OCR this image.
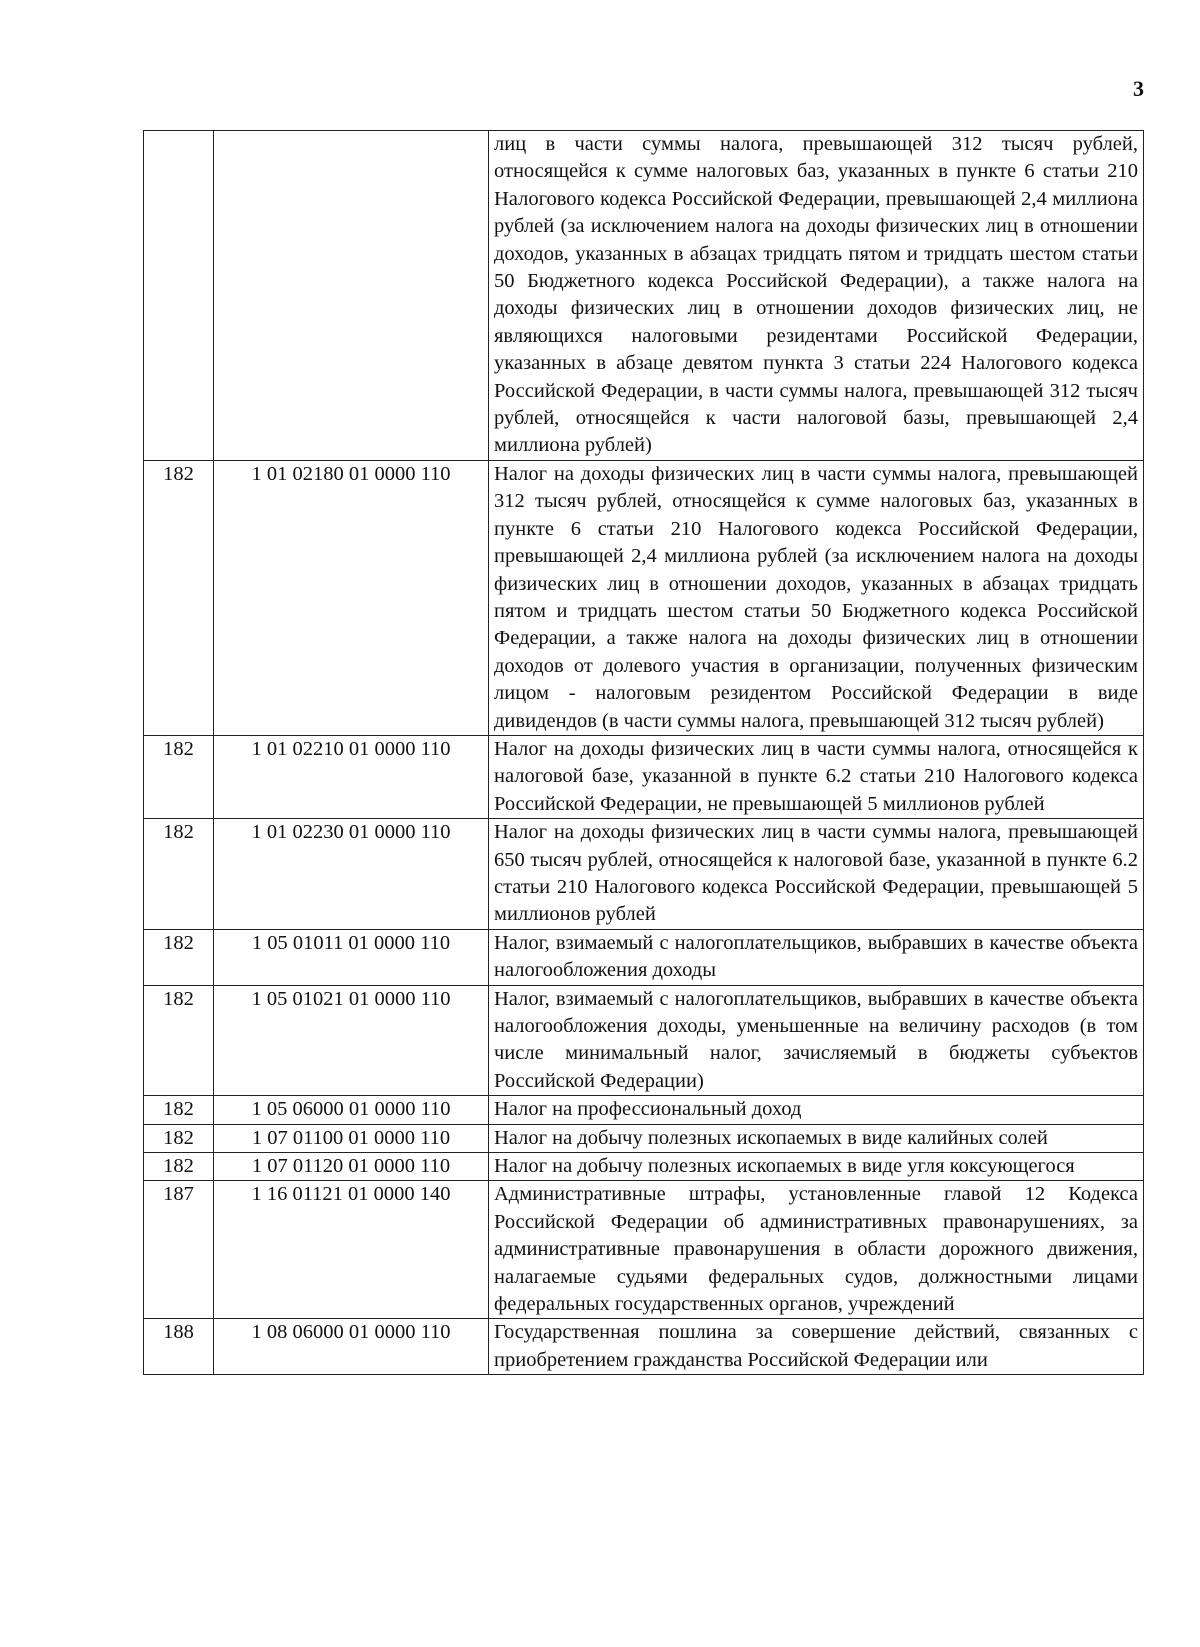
3
		лиц в части суммы налога, превышающей 312 тысяч рублей, относящейся к сумме налоговых баз, указанных в пункте 6 статьи 210 Налогового кодекса Российской Федерации, превышающей 2,4 миллиона рублей (за исключением налога на доходы физических лиц в отношении доходов, указанных в абзацах тридцать пятом и тридцать шестом статьи 50 Бюджетного кодекса Российской Федерации), а также налога на доходы физических лиц в отношении доходов физических лиц, не являющихся налоговыми резидентами Российской Федерации, указанных в абзаце девятом пункта 3 статьи 224 Налогового кодекса Российской Федерации, в части суммы налога, превышающей 312 тысяч рублей, относящейся к части налоговой базы, превышающей 2,4 миллиона рублей)
182	1 01 02180 01 0000 110	Налог на доходы физических лиц в части суммы налога, превышающей 312 тысяч рублей, относящейся к сумме налоговых баз, указанных в пункте 6 статьи 210 Налогового кодекса Российской Федерации, превышающей 2,4 миллиона рублей (за исключением налога на доходы физических лиц в отношении доходов, указанных в абзацах тридцать пятом и тридцать шестом статьи 50 Бюджетного кодекса Российской Федерации, а также налога на доходы физических лиц в отношении доходов от долевого участия в организации, полученных физическим лицом - налоговым резидентом Российской Федерации в виде дивидендов (в части суммы налога, превышающей 312 тысяч рублей)
182	1 01 02210 01 0000 110	Налог на доходы физических лиц в части суммы налога, относящейся к налоговой базе, указанной в пункте 6.2 статьи 210 Налогового кодекса Российской Федерации, не превышающей 5 миллионов рублей
182	1 01 02230 01 0000 110	Налог на доходы физических лиц в части суммы налога, превышающей 650 тысяч рублей, относящейся к налоговой базе, указанной в пункте 6.2 статьи 210 Налогового кодекса Российской Федерации, превышающей 5 миллионов рублей
182	1 05 01011 01 0000 110	Налог, взимаемый с налогоплательщиков, выбравших в качестве объекта налогообложения доходы
182	1 05 01021 01 0000 110	Налог, взимаемый с налогоплательщиков, выбравших в качестве объекта налогообложения доходы, уменьшенные на величину расходов (в том числе минимальный налог, зачисляемый в бюджеты субъектов Российской Федерации)
182	1 05 06000 01 0000 110	Налог на профессиональный доход
182	1 07 01100 01 0000 110	Налог на добычу полезных ископаемых в виде калийных солей
182	1 07 01120 01 0000 110	Налог на добычу полезных ископаемых в виде угля коксующегося
187	1 16 01121 01 0000 140	Административные штрафы, установленные главой 12 Кодекса Российской Федерации об административных правонарушениях, за административные правонарушения в области дорожного движения, налагаемые судьями федеральных судов, должностными лицами федеральных государственных органов, учреждений
188	1 08 06000 01 0000 110	Государственная пошлина за совершение действий, связанных с приобретением гражданства Российской Федерации или
